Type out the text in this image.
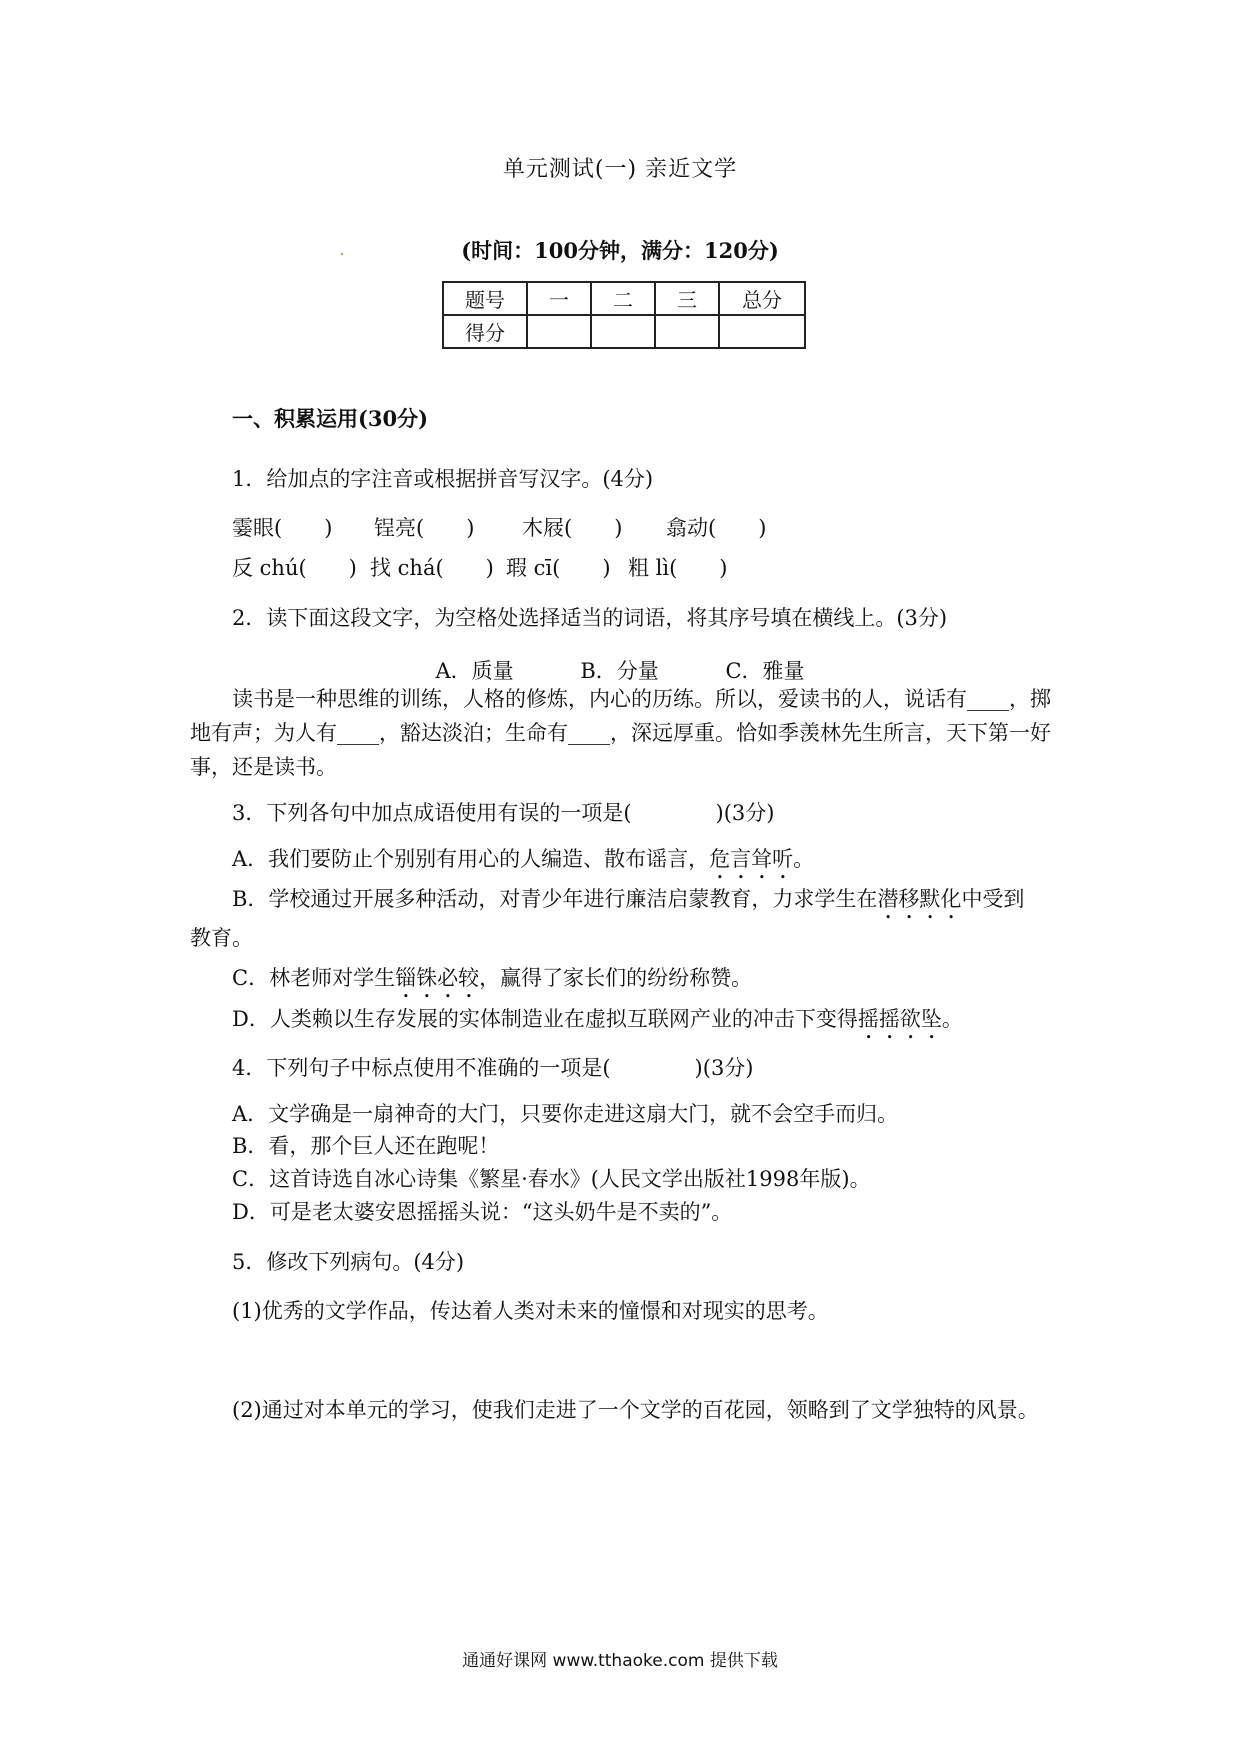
单元测试(一) 亲近文学
(时间：100分钟，满分：120分)
题号	一	二	三	总分
得分				
一、积累运用(30分)
1．给加点的字注音或根据拼音写汉字。(4分)
霎眼(　　) 锃亮(　　) 木屐(　　) 翕动(　　)
反 chú(　　) 找 chá(　　) 瑕 cī(　　) 粗 lì(　　)
2．读下面这段文字，为空格处选择适当的词语，将其序号填在横线上。(3分)
A．质量	B．分量	C．雅量
读书是一种思维的训练，人格的修炼，内心的历练。所以，爱读书的人，说话有____，掷地有声；为人有____，豁达淡泊；生命有____，深远厚重。恰如季羡林先生所言，天下第一好事，还是读书。
3．下列各句中加点成语使用有误的一项是(　　　　)(3分)
A．我们要防止个别别有用心的人编造、散布谣言，危言耸听。
B．学校通过开展多种活动，对青少年进行廉洁启蒙教育，力求学生在潜移默化中受到
教育。
C．林老师对学生锱铢必较，赢得了家长们的纷纷称赞。
D．人类赖以生存发展的实体制造业在虚拟互联网产业的冲击下变得摇摇欲坠。
4．下列句子中标点使用不准确的一项是(　　　　)(3分)
A．文学确是一扇神奇的大门，只要你走进这扇大门，就不会空手而归。
B．看，那个巨人还在跑呢！
C．这首诗选自冰心诗集《繁星·春水》(人民文学出版社1998年版)。
D．可是老太婆安恩摇摇头说：“这头奶牛是不卖的”。
5．修改下列病句。(4分)
(1)优秀的文学作品，传达着人类对未来的憧憬和对现实的思考。
(2)通过对本单元的学习，使我们走进了一个文学的百花园，领略到了文学独特的风景。
通通好课网 www.tthaoke.com 提供下载
